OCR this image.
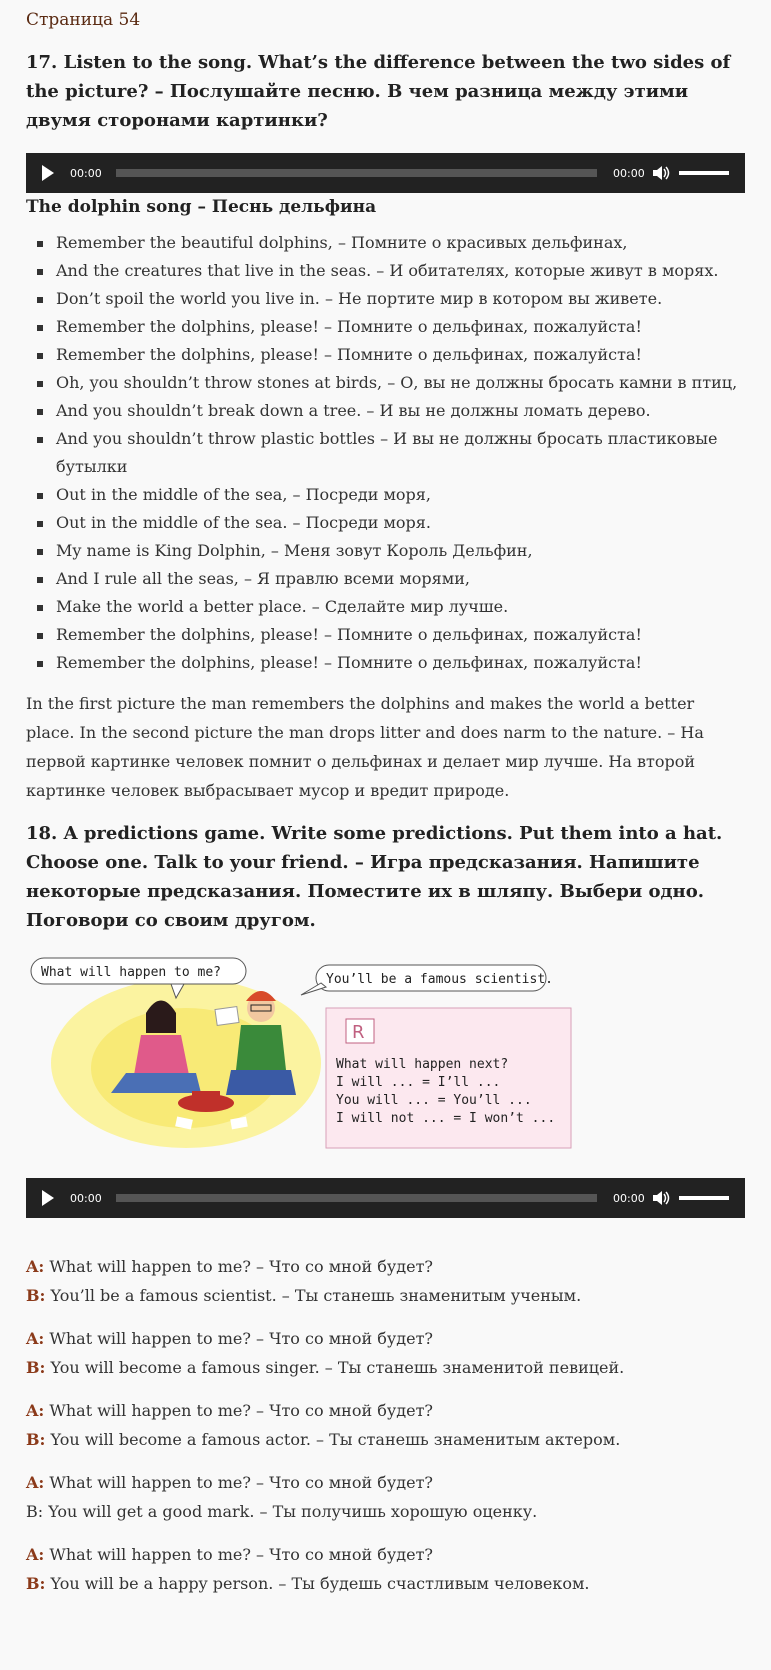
Страница 54
17. Listen to the song. What’s the difference between the two sides of the picture? – Послушайте песню. В чем разница между этими двумя сторонами картинки?
00:00	00:00
The dolphin song – Песнь дельфина
Remember the beautiful dolphins, – Помните о красивых дельфинах,
And the creatures that live in the seas. – И обитателях, которые живут в морях.
Don’t spoil the world you live in. – Не портите мир в котором вы живете.
Remember the dolphins, please! – Помните о дельфинах, пожалуйста!
Remember the dolphins, please! – Помните о дельфинах, пожалуйста!
Oh, you shouldn’t throw stones at birds, – О, вы не должны бросать камни в птиц,
And you shouldn’t break down a tree. – И вы не должны ломать дерево.
And you shouldn’t throw plastic bottles – И вы не должны бросать пластиковые бутылки
Out in the middle of the sea, – Посреди моря,
Out in the middle of the sea. – Посреди моря.
My name is King Dolphin, – Меня зовут Король Дельфин,
And I rule all the seas, – Я правлю всеми морями,
Make the world a better place. – Сделайте мир лучше.
Remember the dolphins, please! – Помните о дельфинах, пожалуйста!
Remember the dolphins, please! – Помните о дельфинах, пожалуйста!

In the first picture the man remembers the dolphins and makes the world a better place. In the second picture the man drops litter and does narm to the nature. – На первой картинке человек помнит о дельфинах и делает мир лучше. На второй картинке человек выбрасывает мусор и вредит природе.

18. A predictions game. Write some predictions. Put them into a hat. Choose one. Talk to your friend. – Игра предсказания. Напишите некоторые предсказания. Поместите их в шляпу. Выбери одно. Поговори со своим другом.
What will happen to me?	You’ll be a famous scientist.
R
What will happen next?
I will ... = I’ll ...
You will ... = You’ll ...
I will not ... = I won’t ...
00:00	00:00

A: What will happen to me? – Что со мной будет?
B: You’ll be a famous scientist. – Ты станешь знаменитым ученым.

A: What will happen to me? – Что со мной будет?
B: You will become a famous singer. – Ты станешь знаменитой певицей.

A: What will happen to me? – Что со мной будет?
B: You will become a famous actor. – Ты станешь знаменитым актером.

A: What will happen to me? – Что со мной будет?
B: You will get a good mark. – Ты получишь хорошую оценку.

A: What will happen to me? – Что со мной будет?
B: You will be a happy person. – Ты будешь счастливым человеком.
